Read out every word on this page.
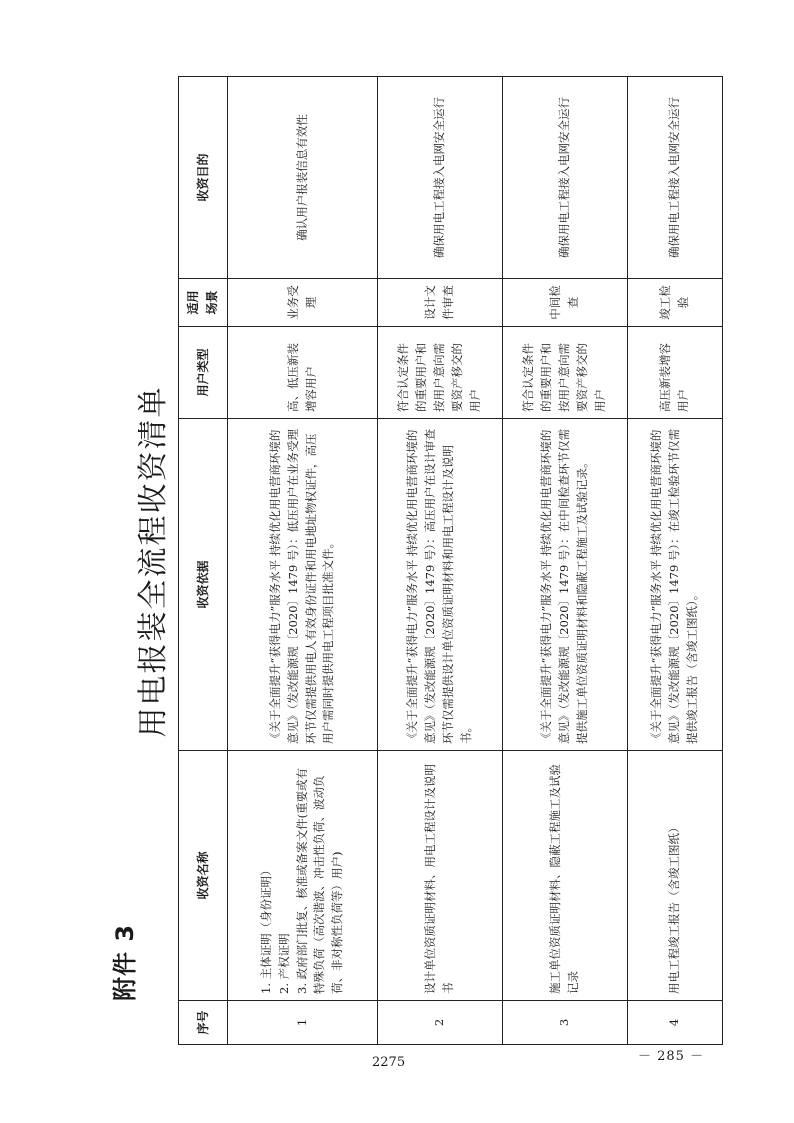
附件 3
用电报装全流程收资清单
序号	收资名称	收资依据	用户类型	适用场景	收资目的
1	1. 主体证明（身份证明） 2. 产权证明 3. 政府部门批复、核准或备案文件(重要或有特殊负荷（高次谐波、冲击性负荷、波动负荷、非对称性负荷等）用户)	《关于全面提升“获得电力”服务水平 持续优化用电营商环境的意见》（发改能源规〔2020〕1479 号）：低压用户在业务受理环节仅需提供用电人有效身份证件和用电地址物权证件，高压用户需同时提供用电工程项目批准文件。	高、低压新装增容用户	业务受理	确认用户报装信息有效性
2	设计单位资质证明材料、用电工程设计及说明书	《关于全面提升“获得电力”服务水平 持续优化用电营商环境的意见》（发改能源规〔2020〕1479 号）：高压用户在设计审查环节仅需提供设计单位资质证明材料和用电工程设计及说明书。	符合认定条件的重要用户和按用户意向需要资产移交的用户	设计文件审查	确保用电工程接入电网安全运行
3	施工单位资质证明材料、隐蔽工程施工及试验记录	《关于全面提升“获得电力”服务水平 持续优化用电营商环境的意见》（发改能源规〔2020〕1479 号）：在中间检查环节仅需提供施工单位资质证明材料和隐蔽工程施工及试验记录。	符合认定条件的重要用户和按用户意向需要资产移交的用户	中间检查	确保用电工程接入电网安全运行
4	用电工程竣工报告（含竣工图纸）	《关于全面提升“获得电力”服务水平 持续优化用电营商环境的意见》（发改能源规〔2020〕1479 号）：在竣工检验环节仅需提供竣工报告（含竣工图纸）。	高压新装增容用户	竣工检验	确保用电工程接入电网安全运行
－ 285 －
2275
